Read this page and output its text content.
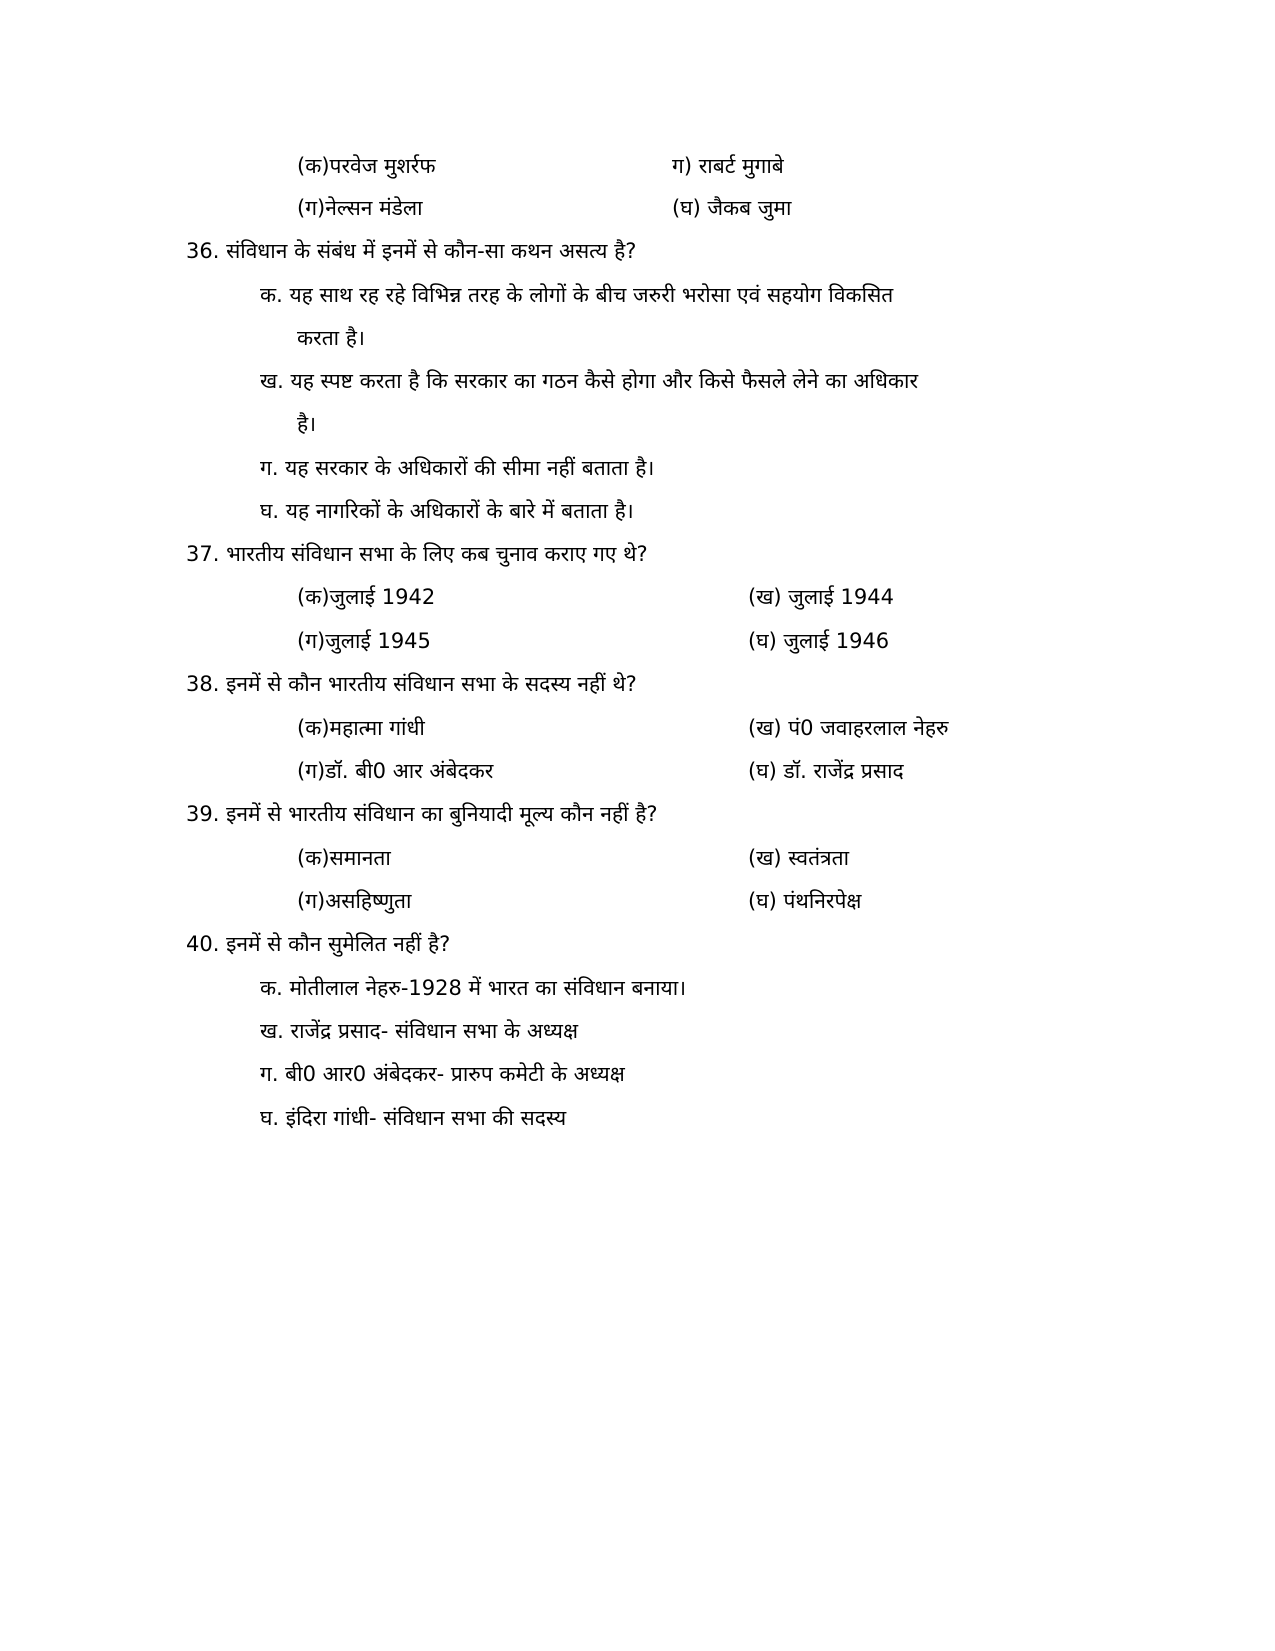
(क)परवेज मुशर्रफ	ग) राबर्ट मुगाबे
(ग)नेल्सन मंडेला	(घ) जैकब जुमा
36. संविधान के संबंध में इनमें से कौन-सा कथन असत्य है?
क. यह साथ रह रहे विभिन्न तरह के लोगों के बीच जरुरी भरोसा एवं सहयोग विकसित
करता है।
ख. यह स्पष्ट करता है कि सरकार का गठन कैसे होगा और किसे फैसले लेने का अधिकार
है।
ग. यह सरकार के अधिकारों की सीमा नहीं बताता है।
घ. यह नागरिकों के अधिकारों के बारे में बताता है।
37. भारतीय संविधान सभा के लिए कब चुनाव कराए गए थे?
(क)जुलाई 1942	(ख) जुलाई 1944
(ग)जुलाई 1945	(घ) जुलाई 1946
38. इनमें से कौन भारतीय संविधान सभा के सदस्य नहीं थे?
(क)महात्मा गांधी	(ख) पं0 जवाहरलाल नेहरु
(ग)डॉ. बी0 आर अंबेदकर	(घ) डॉ. राजेंद्र प्रसाद
39. इनमें से भारतीय संविधान का बुनियादी मूल्य कौन नहीं है?
(क)समानता	(ख) स्वतंत्रता
(ग)असहिष्णुता	(घ) पंथनिरपेक्ष
40. इनमें से कौन सुमेलित नहीं है?
क. मोतीलाल नेहरु-1928 में भारत का संविधान बनाया।
ख. राजेंद्र प्रसाद- संविधान सभा के अध्यक्ष
ग. बी0 आर0 अंबेदकर- प्रारुप कमेटी के अध्यक्ष
घ. इंदिरा गांधी- संविधान सभा की सदस्य
